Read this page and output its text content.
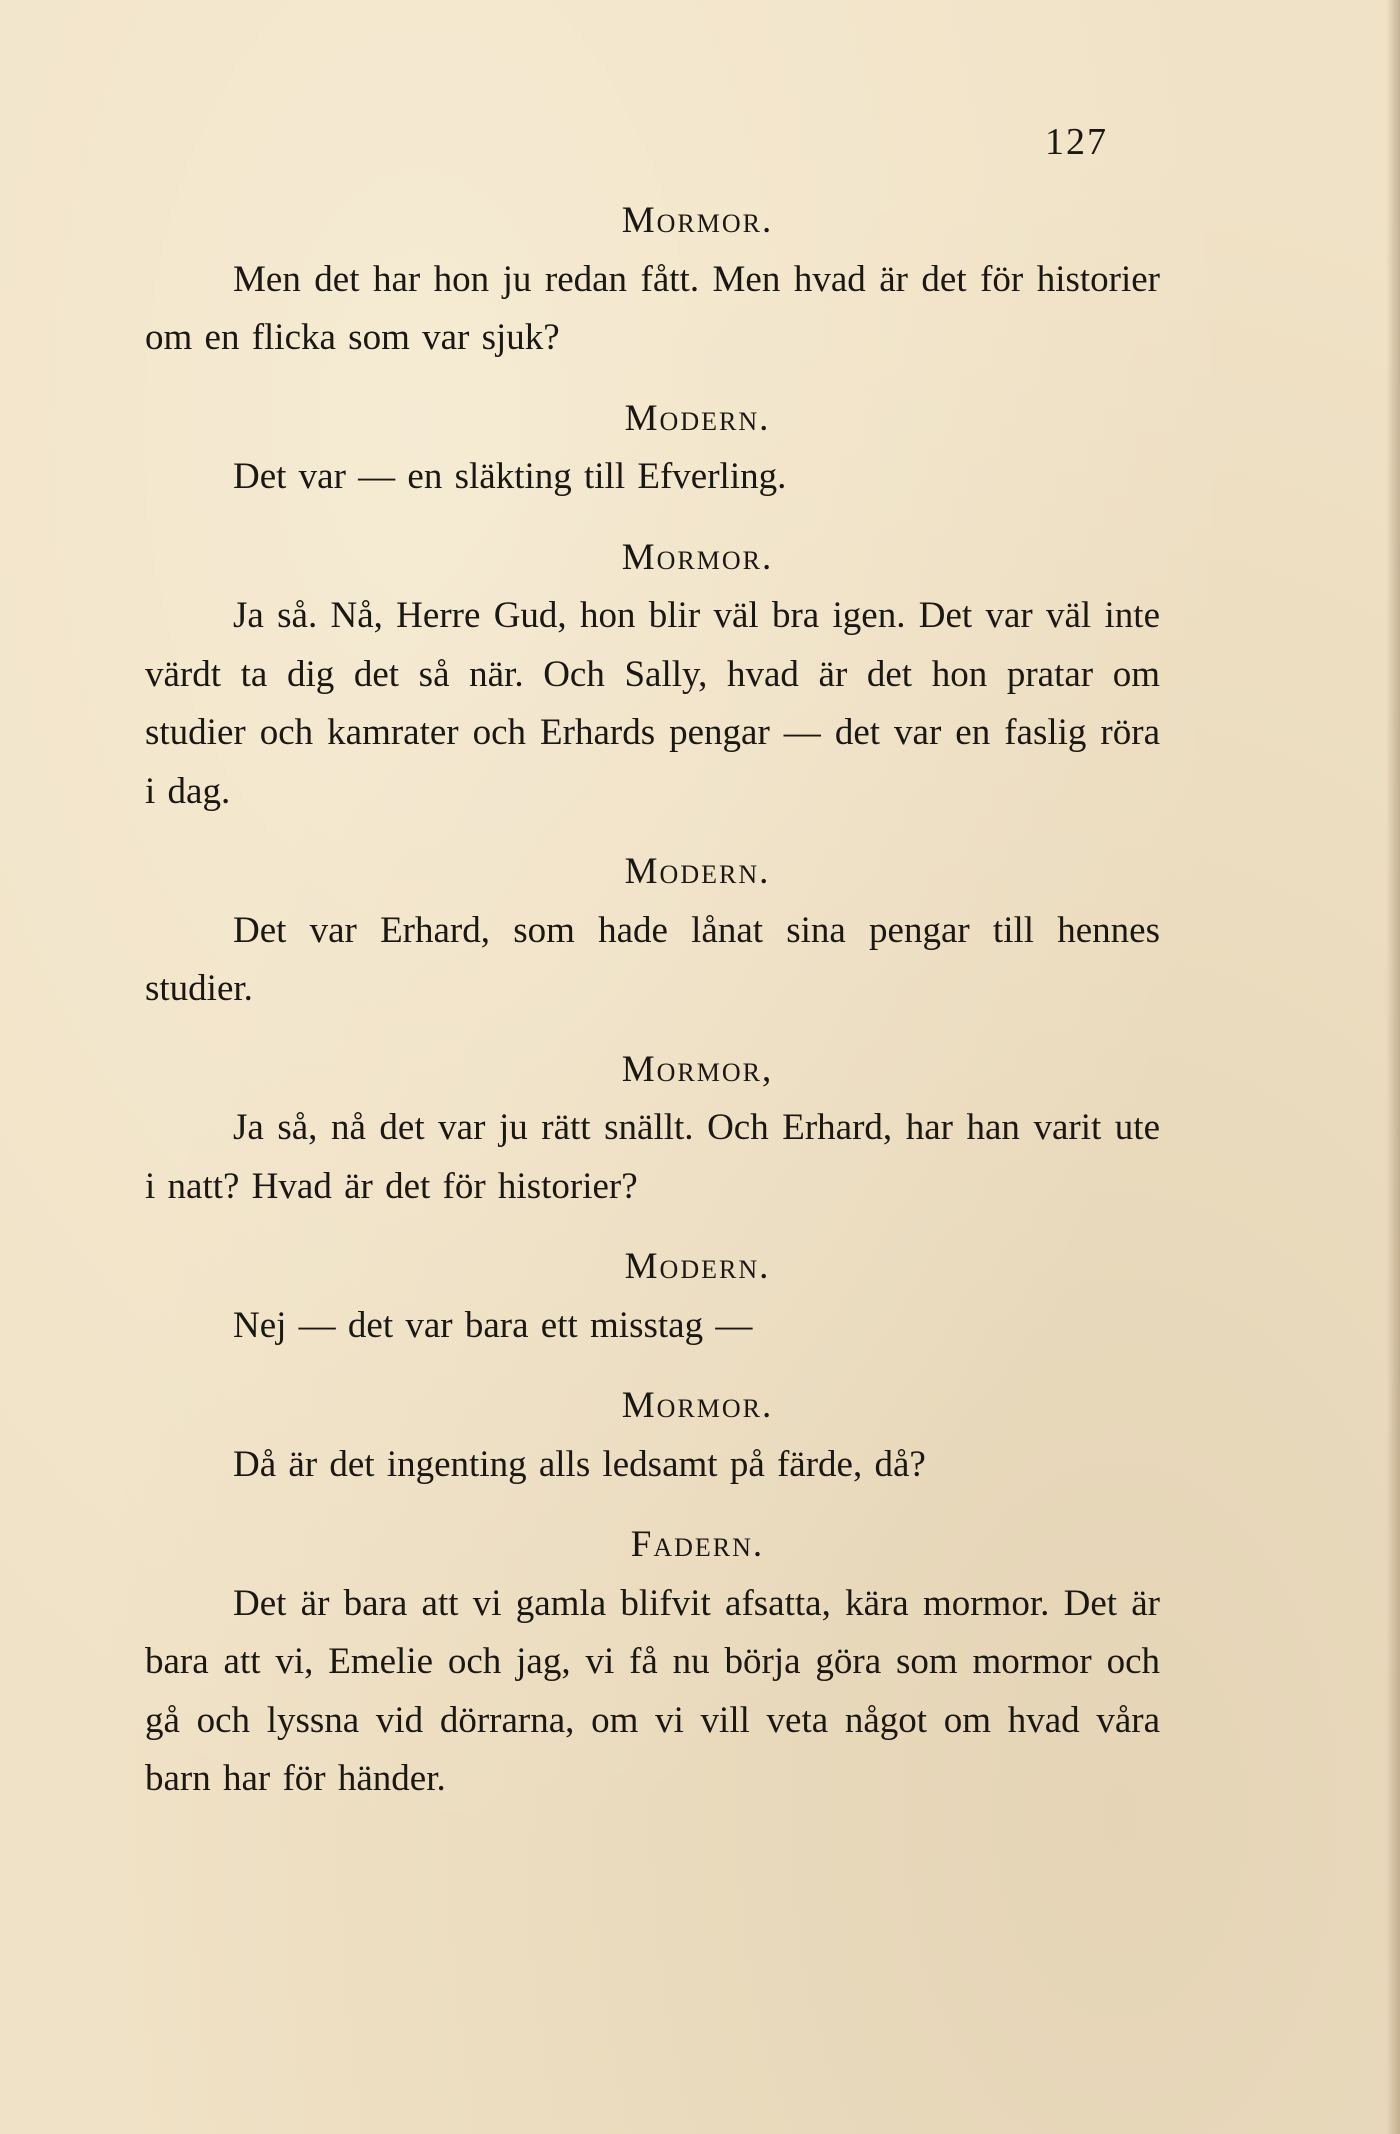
127
Mormor.
Men det har hon ju redan fått. Men hvad är det för historier om en flicka som var sjuk?
Modern.
Det var — en släkting till Efverling.
Mormor.
Ja så. Nå, Herre Gud, hon blir väl bra igen. Det var väl inte värdt ta dig det så när. Och Sally, hvad är det hon pratar om studier och kamrater och Erhards pengar — det var en faslig röra i dag.
Modern.
Det var Erhard, som hade lånat sina pengar till hennes studier.
Mormor,
Ja så, nå det var ju rätt snällt. Och Erhard, har han varit ute i natt? Hvad är det för historier?
Modern.
Nej — det var bara ett misstag —
Mormor.
Då är det ingenting alls ledsamt på färde, då?
Fadern.
Det är bara att vi gamla blifvit afsatta, kära mormor. Det är bara att vi, Emelie och jag, vi få nu börja göra som mormor och gå och lyssna vid dörrarna, om vi vill veta något om hvad våra barn har för händer.
